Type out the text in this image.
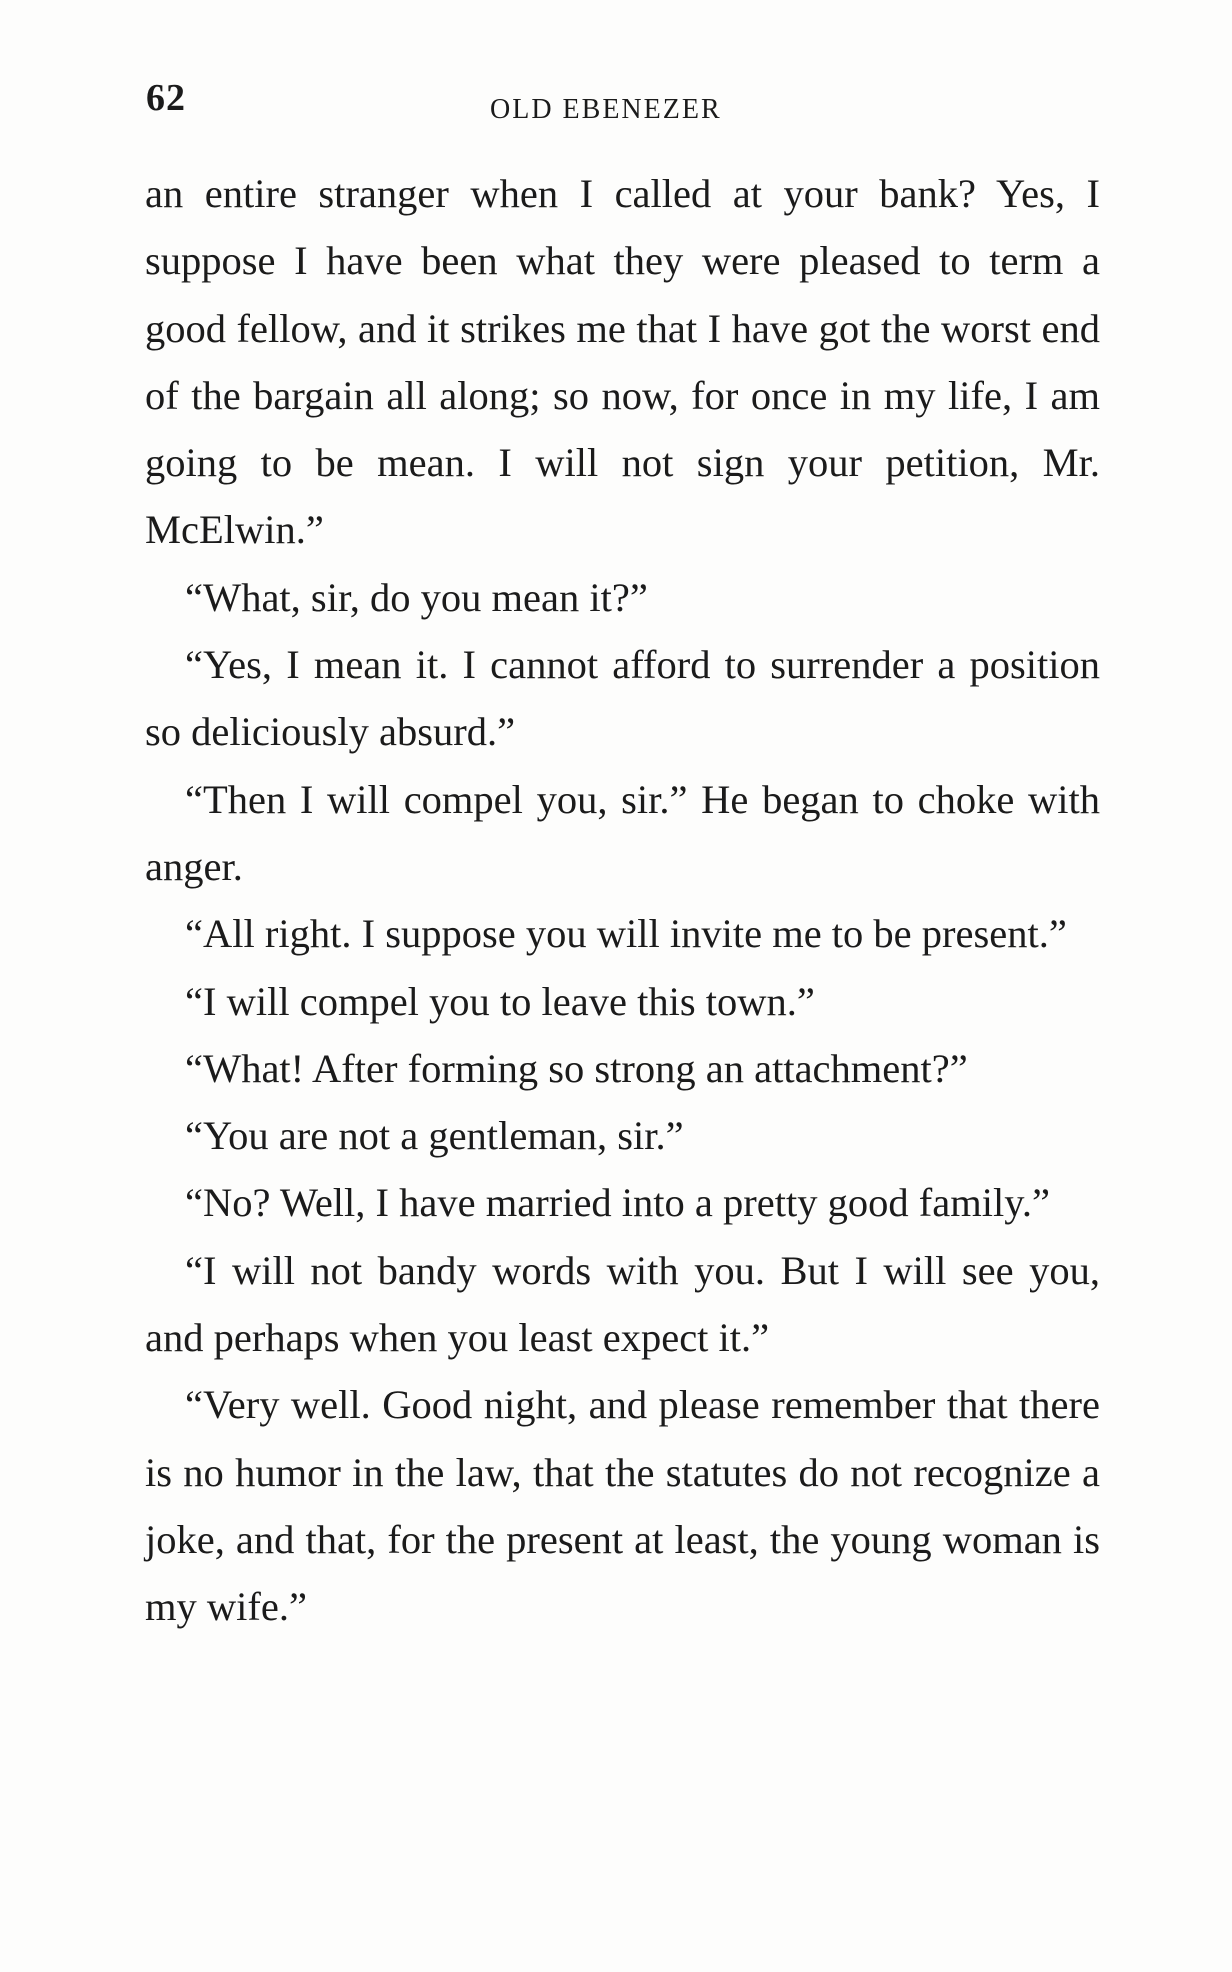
62	OLD EBENEZER

an entire stranger when I called at your bank? Yes, I suppose I have been what they were pleased to term a good fellow, and it strikes me that I have got the worst end of the bargain all along; so now, for once in my life, I am going to be mean. I will not sign your petition, Mr. McElwin.”

“What, sir, do you mean it?”

“Yes, I mean it. I cannot afford to surrender a position so deliciously absurd.”

“Then I will compel you, sir.” He began to choke with anger.

“All right. I suppose you will invite me to be present.”

“I will compel you to leave this town.”

“What! After forming so strong an attachment?”

“You are not a gentleman, sir.”

“No? Well, I have married into a pretty good family.”

“I will not bandy words with you. But I will see you, and perhaps when you least expect it.”

“Very well. Good night, and please remember that there is no humor in the law, that the statutes do not recognize a joke, and that, for the present at least, the young woman is my wife.”
